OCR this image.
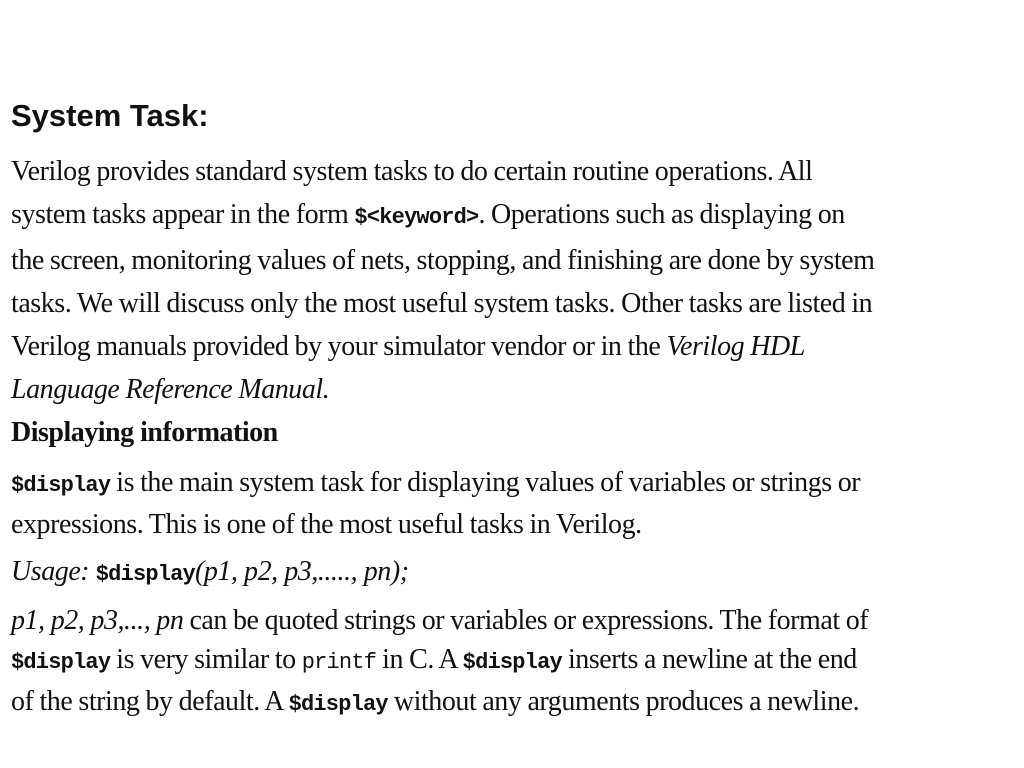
System Task:
Verilog provides standard system tasks to do certain routine operations. All
system tasks appear in the form $<keyword>. Operations such as displaying on
the screen, monitoring values of nets, stopping, and finishing are done by system
tasks. We will discuss only the most useful system tasks. Other tasks are listed in
Verilog manuals provided by your simulator vendor or in the Verilog HDL
Language Reference Manual.
Displaying information
$display is the main system task for displaying values of variables or strings or
expressions. This is one of the most useful tasks in Verilog.
Usage: $display(p1, p2, p3,....., pn);
p1, p2, p3,..., pn can be quoted strings or variables or expressions. The format of
$display is very similar to printf in C. A $display inserts a newline at the end
of the string by default. A $display without any arguments produces a newline.
